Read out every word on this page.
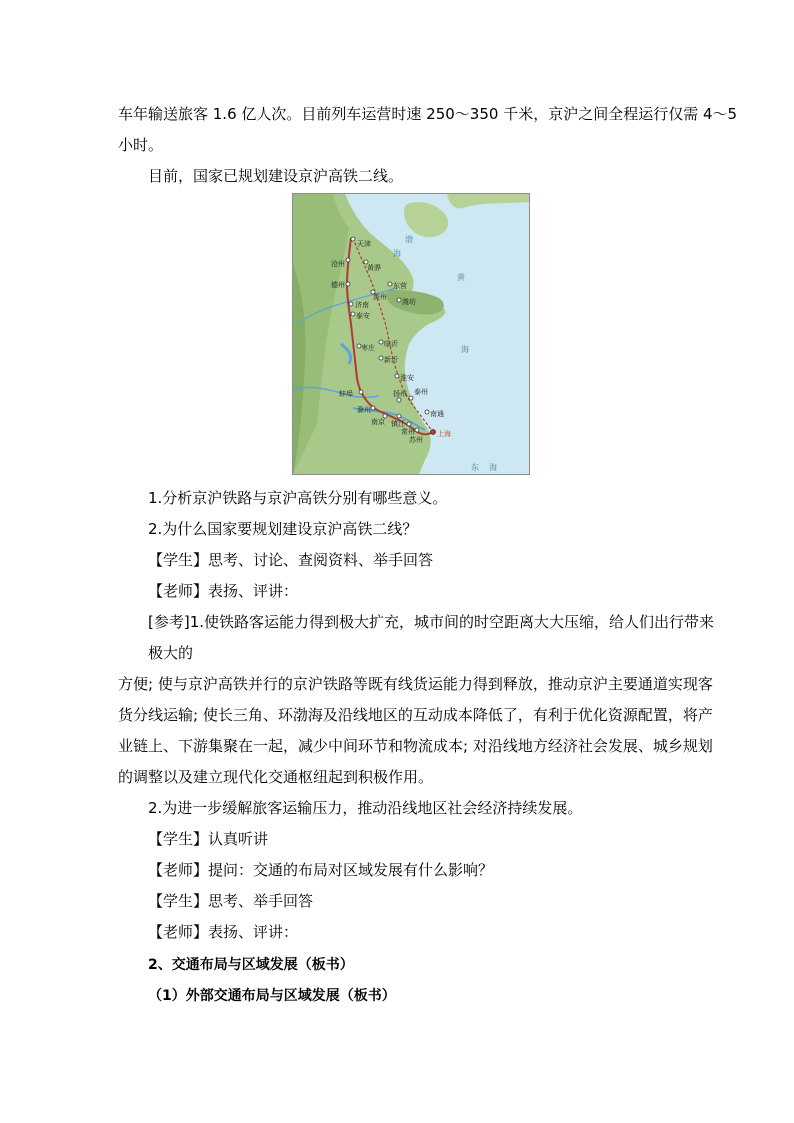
车年输送旅客 1.6 亿人次。目前列车运营时速 250～350 千米，京沪之间全程运行仅需 4～5
小时。
目前，国家已规划建设京沪高铁二线。
天津
沧州	黄骅
德州	东营
滨州
潍坊
济南
泰安
临沂
枣庄
新沂
淮安
蚌埠	扬州 泰州
南通
滁州
南京 镇江
常州
苏州
上海
渤
海
黄
海
东 海
1.分析京沪铁路与京沪高铁分别有哪些意义。
2.为什么国家要规划建设京沪高铁二线？
【学生】思考、讨论、查阅资料、举手回答
【老师】表扬、评讲：
[参考]1.使铁路客运能力得到极大扩充，城市间的时空距离大大压缩，给人们出行带来
极大的
方便; 使与京沪高铁并行的京沪铁路等既有线货运能力得到释放，推动京沪主要通道实现客
货分线运输; 使长三角、环渤海及沿线地区的互动成本降低了，有利于优化资源配置，将产
业链上、下游集聚在一起，减少中间环节和物流成本; 对沿线地方经济社会发展、城乡规划
的调整以及建立现代化交通枢纽起到积极作用。
2.为进一步缓解旅客运输压力，推动沿线地区社会经济持续发展。
【学生】认真听讲
【老师】提问：交通的布局对区域发展有什么影响？
【学生】思考、举手回答
【老师】表扬、评讲：
2、交通布局与区域发展（板书）
（1）外部交通布局与区域发展（板书）
